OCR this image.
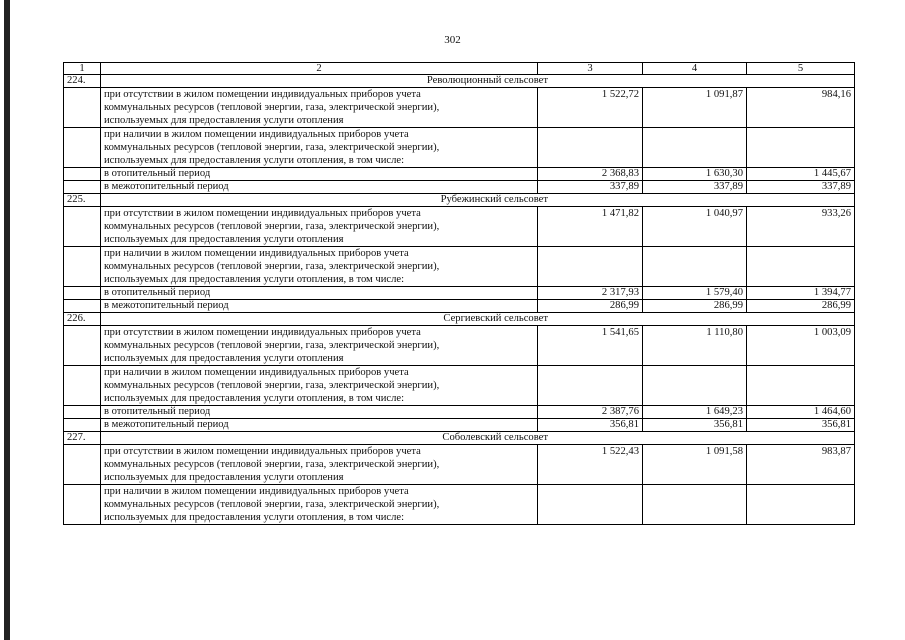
302
1	2	3	4	5
224.	Революционный сельсовет			

	при отсутствии в жилом помещении индивидуальных приборов учета
коммунальных ресурсов (тепловой энергии, газа, электрической энергии),
используемых для предоставления услуги отопления	1 522,72	1 091,87	984,16

	при наличии в жилом помещении индивидуальных приборов учета
коммунальных ресурсов (тепловой энергии, газа, электрической энергии),
используемых для предоставления услуги отопления, в том числе:			

	в отопительный период	2 368,83	1 630,30	1 445,67

	в межотопительный период	337,89	337,89	337,89
225.	Рубежинский сельсовет			

	при отсутствии в жилом помещении индивидуальных приборов учета
коммунальных ресурсов (тепловой энергии, газа, электрической энергии),
используемых для предоставления услуги отопления	1 471,82	1 040,97	933,26

	при наличии в жилом помещении индивидуальных приборов учета
коммунальных ресурсов (тепловой энергии, газа, электрической энергии),
используемых для предоставления услуги отопления, в том числе:			

	в отопительный период	2 317,93	1 579,40	1 394,77

	в межотопительный период	286,99	286,99	286,99
226.	Сергиевский сельсовет			

	при отсутствии в жилом помещении индивидуальных приборов учета
коммунальных ресурсов (тепловой энергии, газа, электрической энергии),
используемых для предоставления услуги отопления	1 541,65	1 110,80	1 003,09

	при наличии в жилом помещении индивидуальных приборов учета
коммунальных ресурсов (тепловой энергии, газа, электрической энергии),
используемых для предоставления услуги отопления, в том числе:			

	в отопительный период	2 387,76	1 649,23	1 464,60

	в межотопительный период	356,81	356,81	356,81
227.	Соболевский сельсовет			

	при отсутствии в жилом помещении индивидуальных приборов учета
коммунальных ресурсов (тепловой энергии, газа, электрической энергии),
используемых для предоставления услуги отопления	1 522,43	1 091,58	983,87

	при наличии в жилом помещении индивидуальных приборов учета
коммунальных ресурсов (тепловой энергии, газа, электрической энергии),
используемых для предоставления услуги отопления, в том числе:			
